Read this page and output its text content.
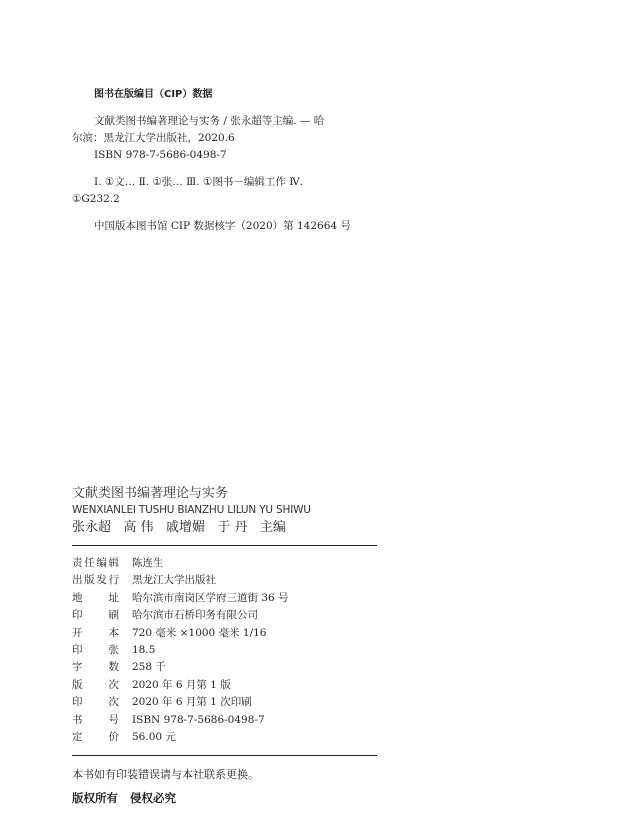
图书在版编目（CIP）数据
文献类图书编著理论与实务 / 张永超等主编. — 哈
尔滨：黑龙江大学出版社，2020.6
ISBN 978-7-5686-0498-7
Ⅰ. ①文… Ⅱ. ①张… Ⅲ. ①图书－编辑工作 Ⅳ.
①G232.2
中国版本图书馆 CIP 数据核字（2020）第 142664 号
文献类图书编著理论与实务
WENXIANLEI TUSHU BIANZHU LILUN YU SHIWU
张永超   高 伟   戚增媚   于 丹   主编
责任编辑	陈连生
出版发行	黑龙江大学出版社
地 址	哈尔滨市南岗区学府三道街 36 号
印 刷	哈尔滨市石桥印务有限公司
开 本	720 毫米 ×1000 毫米 1/16
印 张	18.5
字 数	258 千
版 次	2020 年 6 月第 1 版
印 次	2020 年 6 月第 1 次印刷
书 号	ISBN 978-7-5686-0498-7
定 价	56.00 元
本书如有印装错误请与本社联系更换。
版权所有   侵权必究
